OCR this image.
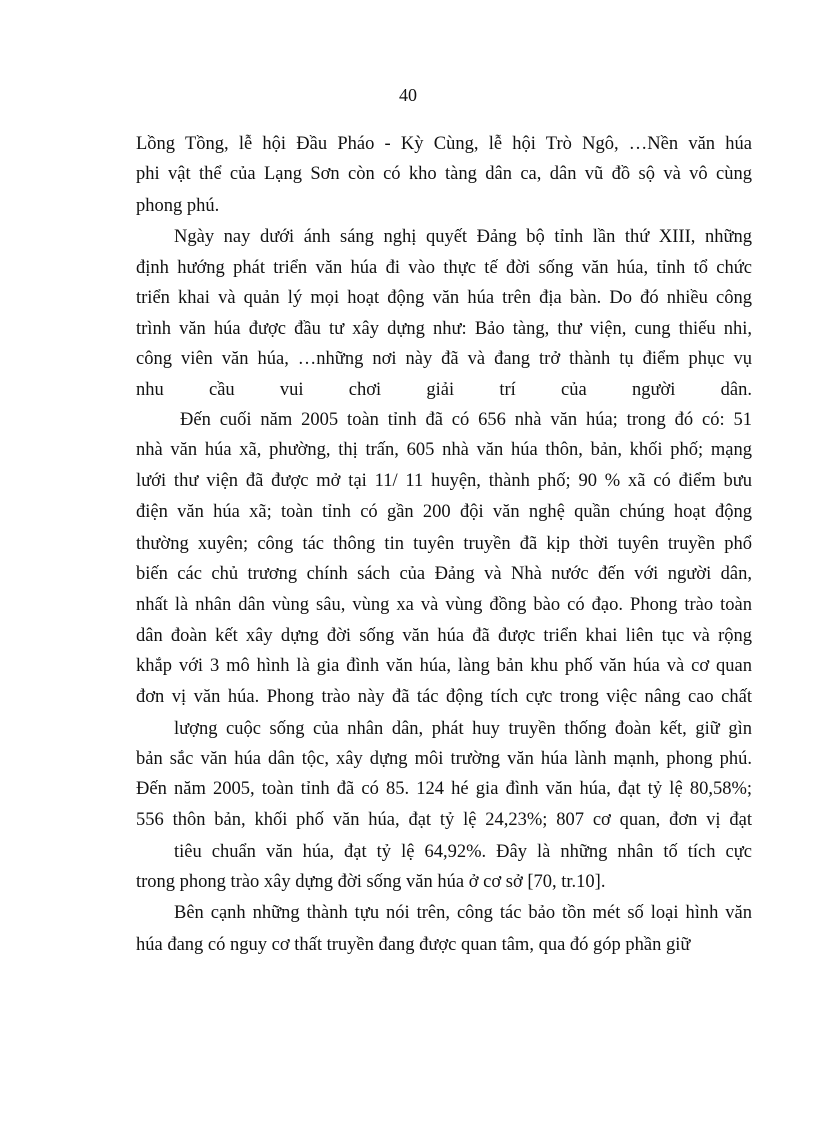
40
Lồng Tồng, lễ hội Đầu Pháo - Kỳ Cùng, lễ hội Trò Ngô, …Nền văn húa
phi vật thể của Lạng Sơn còn có kho tàng dân ca, dân vũ đồ sộ và vô cùng
phong phú.
Ngày nay dưới ánh sáng nghị quyết Đảng bộ tỉnh lần thứ XIII, những
định hướng phát triển văn húa đi vào thực tế đời sống văn húa, tỉnh tổ chức
triển khai và quản lý mọi hoạt động văn húa trên địa bàn. Do đó nhiều công
trình văn húa được đầu tư xây dựng như: Bảo tàng, thư viện, cung thiếu nhi,
công viên văn húa, …những nơi này đã và đang trở thành tụ điểm phục vụ
nhu cầu vui chơi giải trí của người dân.
Đến cuối năm 2005 toàn tỉnh đã có 656 nhà văn húa; trong đó có: 51
nhà văn húa xã, phường, thị trấn, 605 nhà văn húa thôn, bản, khối phố; mạng
lưới thư viện đã được mở tại 11/ 11 huyện, thành phố; 90 % xã có điểm bưu
điện văn húa xã; toàn tỉnh có gần 200 đội văn nghệ quần chúng hoạt động
thường xuyên; công tác thông tin tuyên truyền đã kịp thời tuyên truyền phổ
biến các chủ trương chính sách của Đảng và Nhà nước đến với người dân,
nhất là nhân dân vùng sâu, vùng xa và vùng đồng bào có đạo. Phong trào toàn
dân đoàn kết xây dựng đời sống văn húa đã được triển khai liên tục và rộng
khắp với 3 mô hình là gia đình văn húa, làng bản khu phố văn húa và cơ quan
đơn vị văn húa. Phong trào này đã tác động tích cực trong việc nâng cao chất
lượng cuộc sống của nhân dân, phát huy truyền thống đoàn kết, giữ gìn
bản sắc văn húa dân tộc, xây dựng môi trường văn húa lành mạnh, phong phú.
Đến năm 2005, toàn tỉnh đã có 85. 124 hé gia đình văn húa, đạt tỷ lệ 80,58%;
556 thôn bản, khối phố văn húa, đạt tỷ lệ 24,23%; 807 cơ quan, đơn vị đạt
tiêu chuẩn văn húa, đạt tỷ lệ 64,92%. Đây là những nhân tố tích cực
trong phong trào xây dựng đời sống văn húa ở cơ sở [70, tr.10].
Bên cạnh những thành tựu nói trên, công tác bảo tồn mét số loại hình văn
húa đang có nguy cơ thất truyền đang được quan tâm, qua đó góp phần giữ
